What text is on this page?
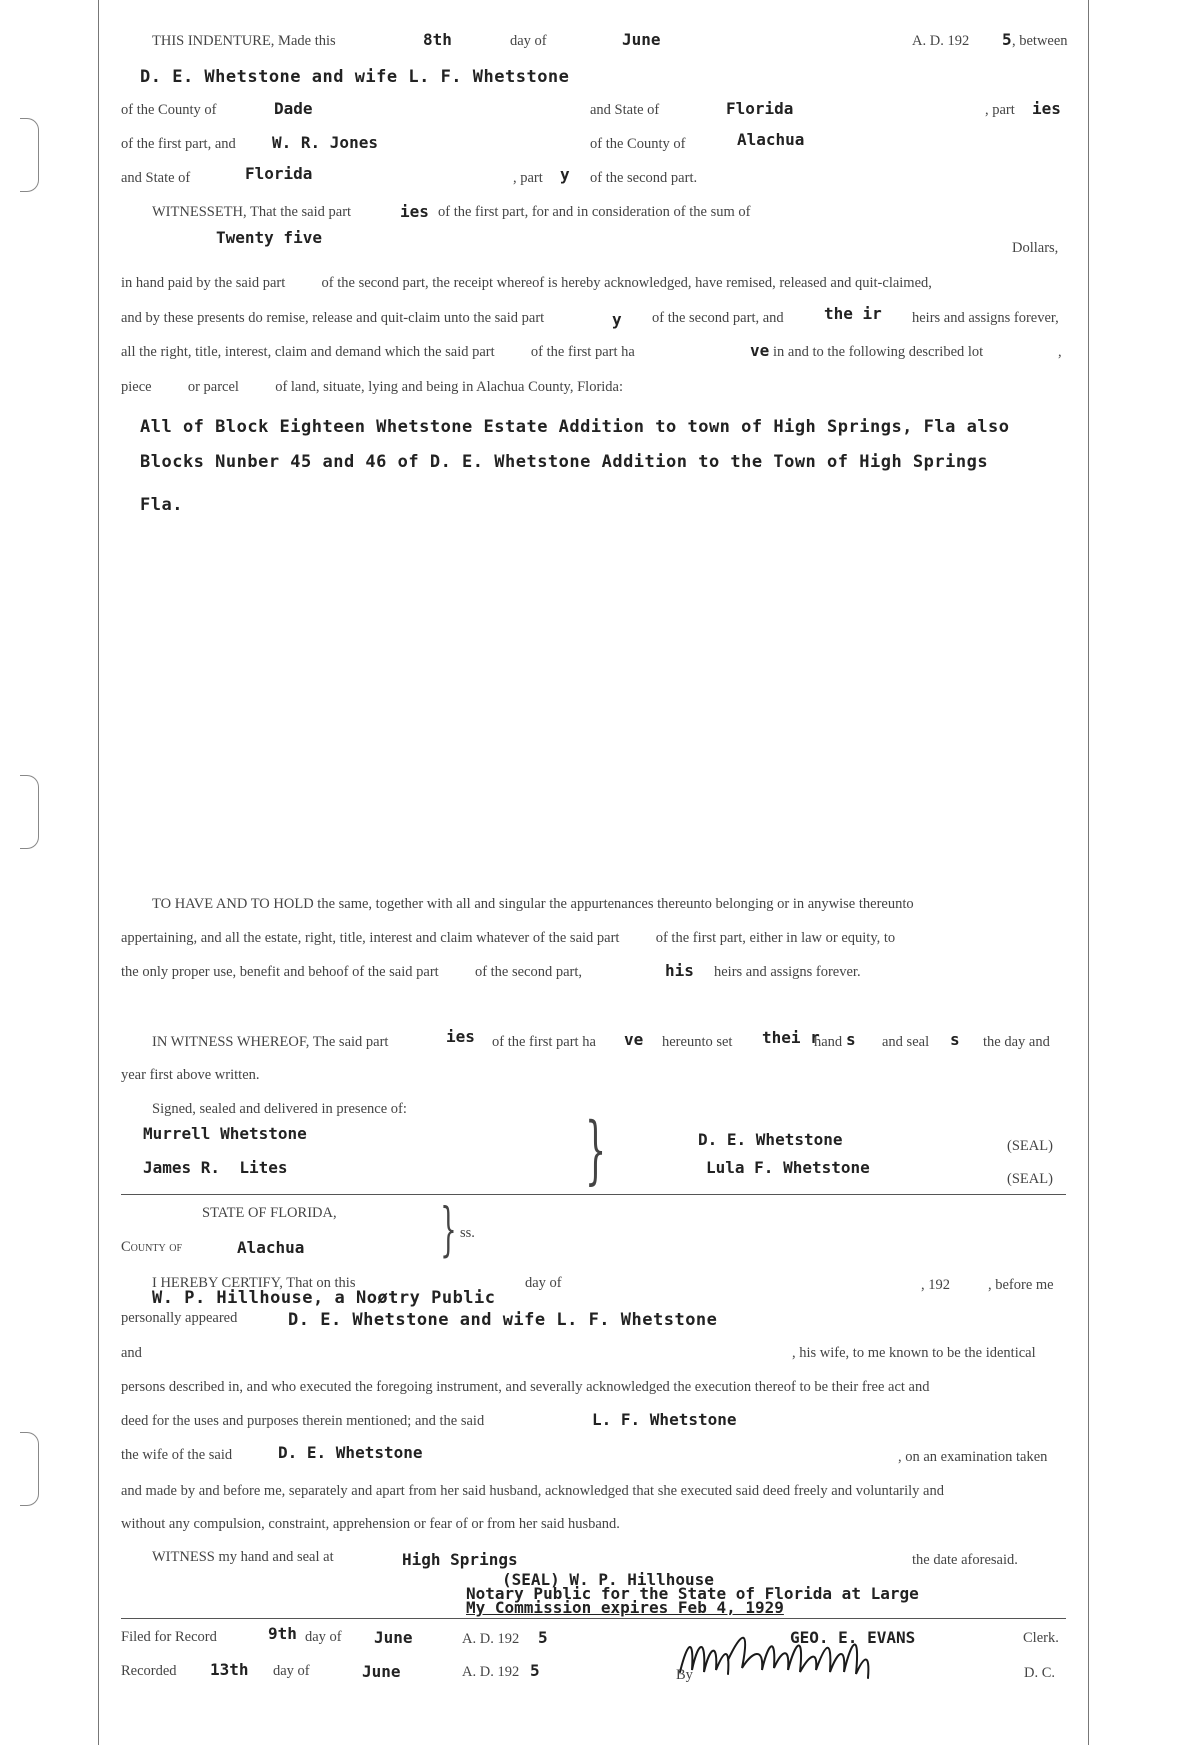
THIS INDENTURE, Made this	8th	day of	June	A. D. 192 5 , between
D. E. Whetstone and wife L. F. Whetstone
of the County of	Dade	and State of	Florida	, part ies
of the first part, and W. R. Jones	of the County of	Alachua
and State of	Florida	, part y of the second part.
WITNESSETH, That the said part	ies of the first part, for and in consideration of the sum of
Twenty five
Dollars,
in hand paid by the said part          of the second part, the receipt whereof is hereby acknowledged, have remised, released and quit-claimed,
and by these presents do remise, release and quit-claim unto the said part	y of the second part, and	the ir heirs and assigns forever,
all the right, title, interest, claim and demand which the said part          of the first part ha	ve in and to the following described lot	,
piece          or parcel          of land, situate, lying and being in Alachua County, Florida:
All of Block Eighteen Whetstone Estate Addition to town of High Springs, Fla also
Blocks Nunber 45 and 46 of D. E. Whetstone Addition to the Town of High Springs
Fla.
TO HAVE AND TO HOLD the same, together with all and singular the appurtenances thereunto belonging or in anywise thereunto
appertaining, and all the estate, right, title, interest and claim whatever of the said part          of the first part, either in law or equity, to
the only proper use, benefit and behoof of the said part          of the second part,	his heirs and assigns forever.
IN WITNESS WHEREOF, The said part	ies of the first part ha ve hereunto set thei r
hand s and seal s the day and
year first above written.
Signed, sealed and delivered in presence of:
Murrell Whetstone
James R.  Lites	}	D. E. Whetstone
Lula F. Whetstone
(SEAL)
(SEAL)
STATE OF FLORIDA,
County of	Alachua } ss.
I HEREBY CERTIFY, That on this	day of	, 192	, before me
W. P. Hillhouse, a Noøtry Public
personally appeared	D. E. Whetstone and wife L. F. Whetstone
and	, his wife, to me known to be the identical
persons described in, and who executed the foregoing instrument, and severally acknowledged the execution thereof to be their free act and
deed for the uses and purposes therein mentioned; and the said	L. F. Whetstone
the wife of the said	D. E. Whetstone	, on an examination taken
and made by and before me, separately and apart from her said husband, acknowledged that she executed said deed freely and voluntarily and
without any compulsion, constraint, apprehension or fear of or from her said husband.
WITNESS my hand and seal at	High Springs	the date aforesaid.
(SEAL) W. P. Hillhouse
Notary Public for the State of Florida at Large
My Commission expires Feb 4, 1929
Filed for Record	9th day of June	A. D. 192 5	GEO. E. EVANS	Clerk.
Recorded 13th day of	June	A. D. 192 5	By	D. C.
